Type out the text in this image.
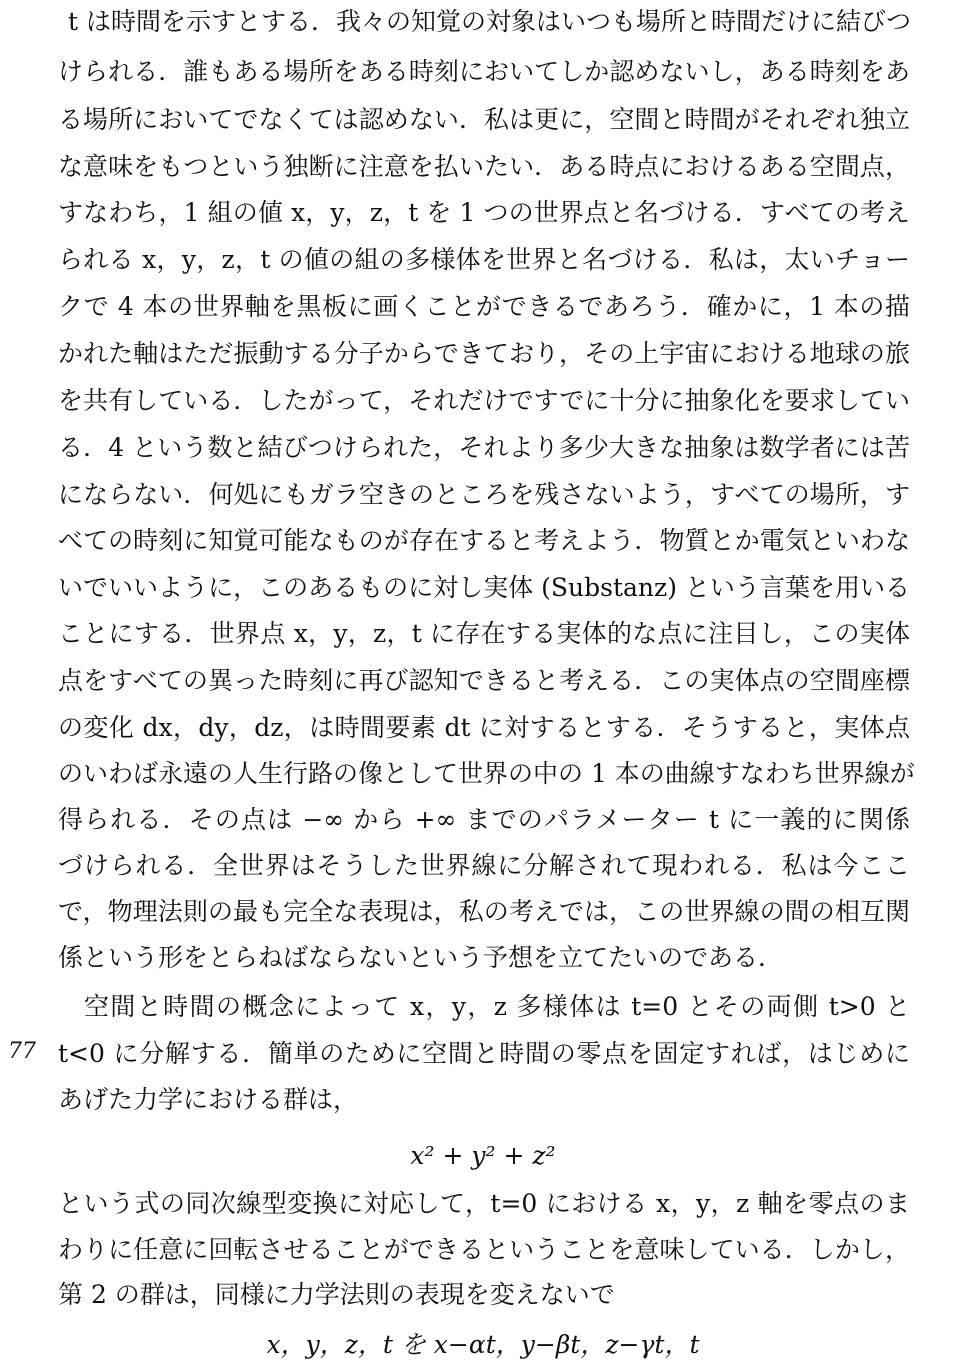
t は時間を示すとする．我々の知覚の対象はいつも場所と時間だけに結びつ
けられる．誰もある場所をある時刻においてしか認めないし，ある時刻をあ
る場所においてでなくては認めない．私は更に，空間と時間がそれぞれ独立
な意味をもつという独断に注意を払いたい．ある時点におけるある空間点，
すなわち，1 組の値 x，y，z，t を 1 つの世界点と名づける．すべての考え
られる x，y，z，t の値の組の多様体を世界と名づける．私は，太いチョー
クで 4 本の世界軸を黒板に画くことができるであろう．確かに，1 本の描
かれた軸はただ振動する分子からできており，その上宇宙における地球の旅
を共有している．したがって，それだけですでに十分に抽象化を要求してい
る．4 という数と結びつけられた，それより多少大きな抽象は数学者には苦
にならない．何処にもガラ空きのところを残さないよう，すべての場所，す
べての時刻に知覚可能なものが存在すると考えよう．物質とか電気といわな
いでいいように，このあるものに対し実体 (Substanz) という言葉を用いる
ことにする．世界点 x，y，z，t に存在する実体的な点に注目し，この実体
点をすべての異った時刻に再び認知できると考える．この実体点の空間座標
の変化 dx，dy，dz，は時間要素 dt に対するとする．そうすると，実体点
のいわば永遠の人生行路の像として世界の中の 1 本の曲線すなわち世界線が
得られる．その点は −∞ から +∞ までのパラメーター t に一義的に関係
づけられる．全世界はそうした世界線に分解されて現われる．私は今ここ
で，物理法則の最も完全な表現は，私の考えでは，この世界線の間の相互関
係という形をとらねばならないという予想を立てたいのである．
空間と時間の概念によって x，y，z 多様体は t=0 とその両側 t>0 と
77 t<0 に分解する．簡単のために空間と時間の零点を固定すれば，はじめに
あげた力学における群は，
x² + y² + z²
という式の同次線型変換に対応して，t=0 における x，y，z 軸を零点のま
わりに任意に回転させることができるということを意味している．しかし，
第 2 の群は，同様に力学法則の表現を変えないで
x，y，z，t を x−αt，y−βt，z−γt，t
